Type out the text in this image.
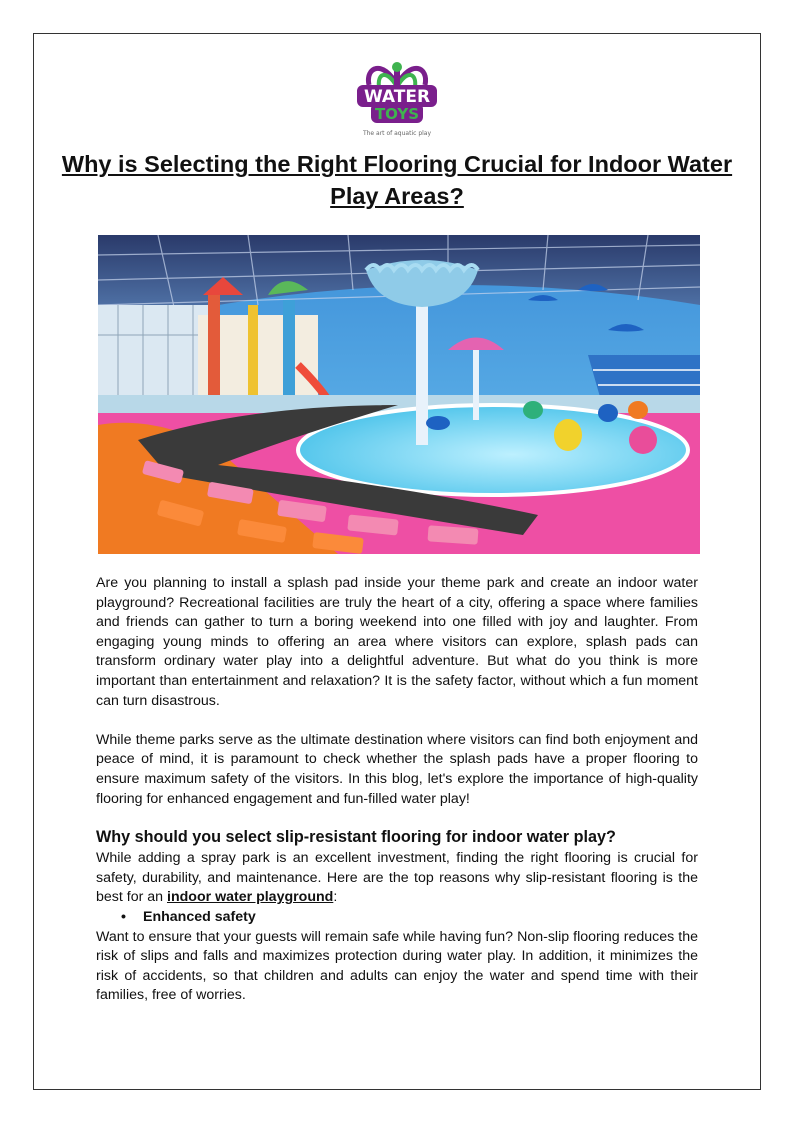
WATER
TOYS
The art of aquatic play
Why is Selecting the Right Flooring Crucial for Indoor Water Play Areas?

Are you planning to install a splash pad inside your theme park and create an indoor water playground? Recreational facilities are truly the heart of a city, offering a space where families and friends can gather to turn a boring weekend into one filled with joy and laughter. From engaging young minds to offering an area where visitors can explore, splash pads can transform ordinary water play into a delightful adventure. But what do you think is more important than entertainment and relaxation? It is the safety factor, without which a fun moment can turn disastrous.

While theme parks serve as the ultimate destination where visitors can find both enjoyment and peace of mind, it is paramount to check whether the splash pads have a proper flooring to ensure maximum safety of the visitors. In this blog, let's explore the importance of high-quality flooring for enhanced engagement and fun-filled water play!

Why should you select slip-resistant flooring for indoor water play?

While adding a spray park is an excellent investment, finding the right flooring is crucial for safety, durability, and maintenance. Here are the top reasons why slip-resistant flooring is the best for an indoor water playground:

• Enhanced safety

Want to ensure that your guests will remain safe while having fun? Non-slip flooring reduces the risk of slips and falls and maximizes protection during water play. In addition, it minimizes the risk of accidents, so that children and adults can enjoy the water and spend time with their families, free of worries.
